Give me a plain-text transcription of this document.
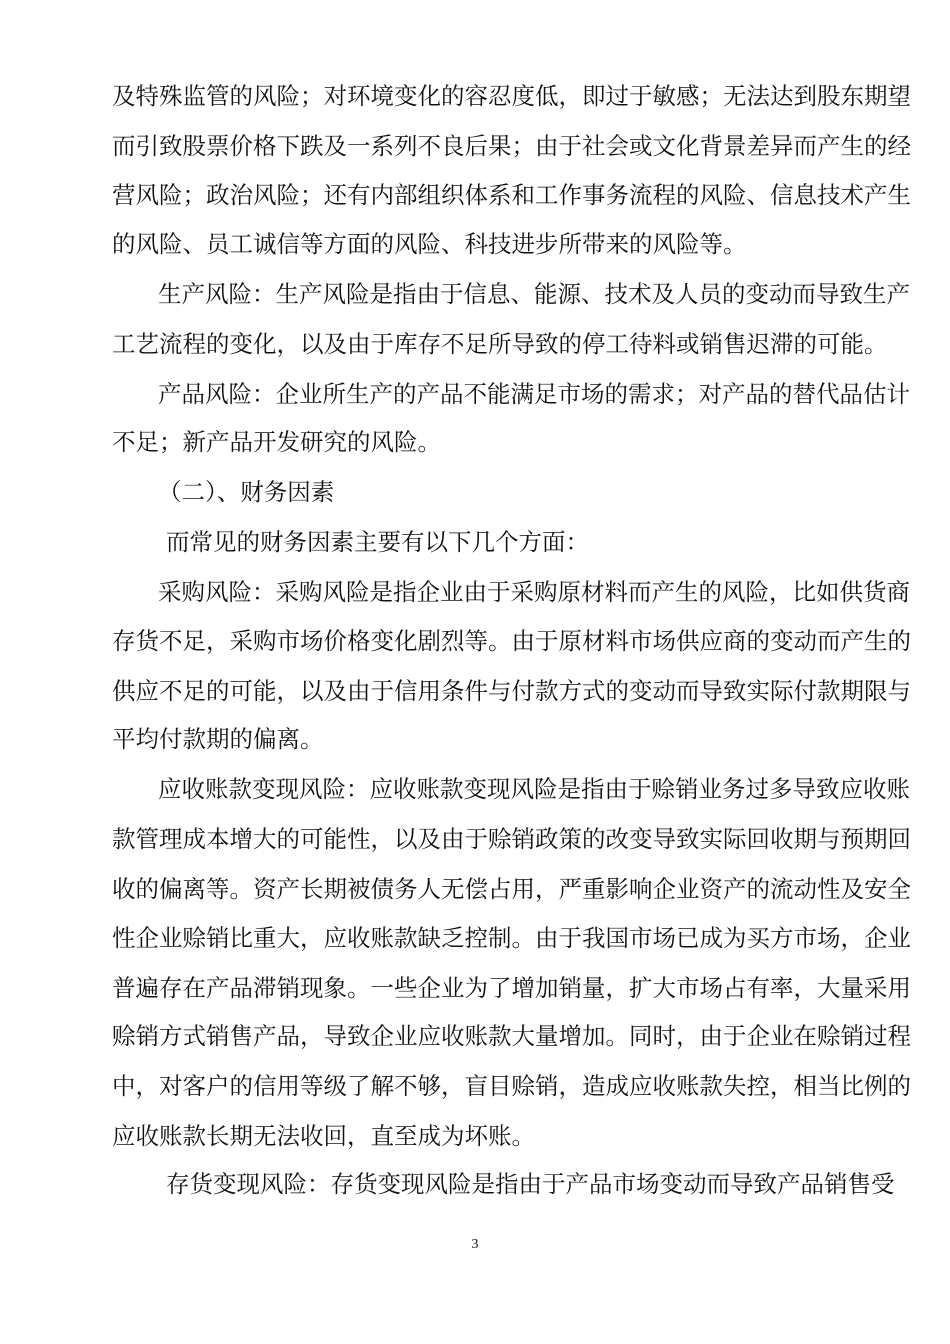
及特殊监管的风险；对环境变化的容忍度低，即过于敏感；无法达到股东期望
而引致股票价格下跌及一系列不良后果；由于社会或文化背景差异而产生的经
营风险；政治风险；还有内部组织体系和工作事务流程的风险、信息技术产生
的风险、员工诚信等方面的风险、科技进步所带来的风险等。
生产风险：生产风险是指由于信息、能源、技术及人员的变动而导致生产
工艺流程的变化，以及由于库存不足所导致的停工待料或销售迟滞的可能。
产品风险：企业所生产的产品不能满足市场的需求；对产品的替代品估计
不足；新产品开发研究的风险。
（二）、财务因素
而常见的财务因素主要有以下几个方面：
采购风险：采购风险是指企业由于采购原材料而产生的风险，比如供货商
存货不足，采购市场价格变化剧烈等。由于原材料市场供应商的变动而产生的
供应不足的可能，以及由于信用条件与付款方式的变动而导致实际付款期限与
平均付款期的偏离。
应收账款变现风险：应收账款变现风险是指由于赊销业务过多导致应收账
款管理成本增大的可能性，以及由于赊销政策的改变导致实际回收期与预期回
收的偏离等。资产长期被债务人无偿占用，严重影响企业资产的流动性及安全
性企业赊销比重大，应收账款缺乏控制。由于我国市场已成为买方市场，企业
普遍存在产品滞销现象。一些企业为了增加销量，扩大市场占有率，大量采用
赊销方式销售产品，导致企业应收账款大量增加。同时，由于企业在赊销过程
中，对客户的信用等级了解不够，盲目赊销，造成应收账款失控，相当比例的
应收账款长期无法收回，直至成为坏账。
存货变现风险：存货变现风险是指由于产品市场变动而导致产品销售受
3
